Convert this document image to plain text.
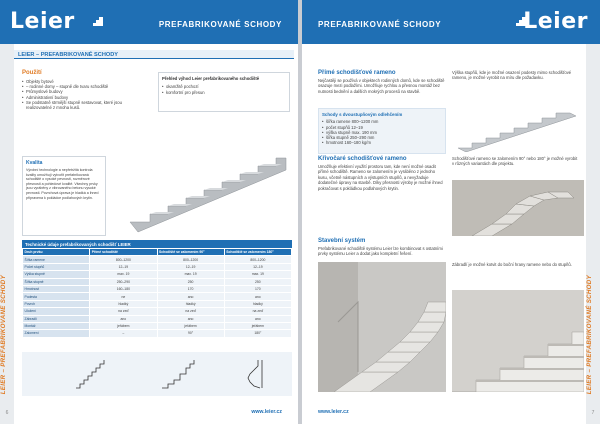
Leier	PREFABRIKOVANÉ SCHODY
LEIER – PREFABRIKOVANÉ SCHODY
6
LEIER – PREFABRIKOVANÉ SCHODY
Použití
• Objekty bytové
• – rodinné domy – stupně dle tvaru schodiště
• Průmyslové budovy
• Administrativní budovy
• Se podstatně strmější stupně sestavovat, které jsou
realizovatelné z mnoha kusů.
Přehled výhod Leier prefabrikovaného schodiště
• okamžitě pochozí
• komfortní pro přesun
Kvalita
Výrobní technologie a nepřetržitá kontrola kvality umožňují vytvořit prefabrikovaná schodiště o vysoké pevnosti, rozměrové přesnosti a pohledové kvalitě. Všechny prvky jsou vyráběny z vibrovaného betonu vysoké pevnosti. Povrchová úprava je hladká a ihned připravena k pokládce podlahových krytin.
Technické údaje prefabrikovaných schodišť LEIER
Druh prvku	Přímé schodiště	Schodiště se zalomením 90°	Schodiště se zalomením 180°
Šířka ramene	800–1200	800–1200	800–1200
Počet stupňů	12–19	12–19	12–19
Výška stupně	max. 19	max. 19	max. 19
Šířka stupně	250–290	250	250
Hmotnost	160–180	170	170
Podesta	ne	ano	ano
Povrch	hladký	hladký	hladký
Uložení	na zeď	na zeď	na zeď
Zábradlí	ano	ano	ano
Montáž	jeřábem	jeřábem	jeřábem
Zalomení	–	90°	180°
www.leier.cz
PREFABRIKOVANÉ SCHODY	Leier
LEIER – PREFABRIKOVANÉ SCHODY
7
Přímé schodišťové rameno
Nejčastěji se používá v objektech rodinných domů, kde se schodiště osazuje mezi podlažími. Umožňuje rychlou a přesnou montáž bez nutnosti bednění a dalších mokrých procesů na stavbě.
Výška stupňů, kde je možné osazení podesty mimo schodišťové rameno, je možné vyrobit na míru dle požadavku.
Schody s dvoustupňovým odlehčením
• šířka ramene 800–1200 mm
• počet stupňů 12–19
• výška stupně max. 190 mm
• šířka stupně 250–290 mm
• hmotnost 160–180 kg/m
Křivočaré schodišťové rameno
Umožňuje efektivní využití prostoru tam, kde není možné osadit přímé schodiště. Rameno se zalomením je vyráběno z jednoho kusu, včetně nástupních a výstupních stupňů, a nevyžaduje dodatečné úpravy na stavbě. Díky přesnosti výroby je možné ihned pokračovat s pokládkou podlahových krytin.
Schodišťové rameno se zalomením 90° nebo 180° je možné vyrobit v různých variantách dle projektu.
Stavební systém
Prefabrikované schodiště systému Leier lze kombinovat s ostatními prvky systému Leier a dodat jako kompletní řešení.
Zábradlí je možné kotvit do boční hrany ramene nebo do stupňů.
www.leier.cz
